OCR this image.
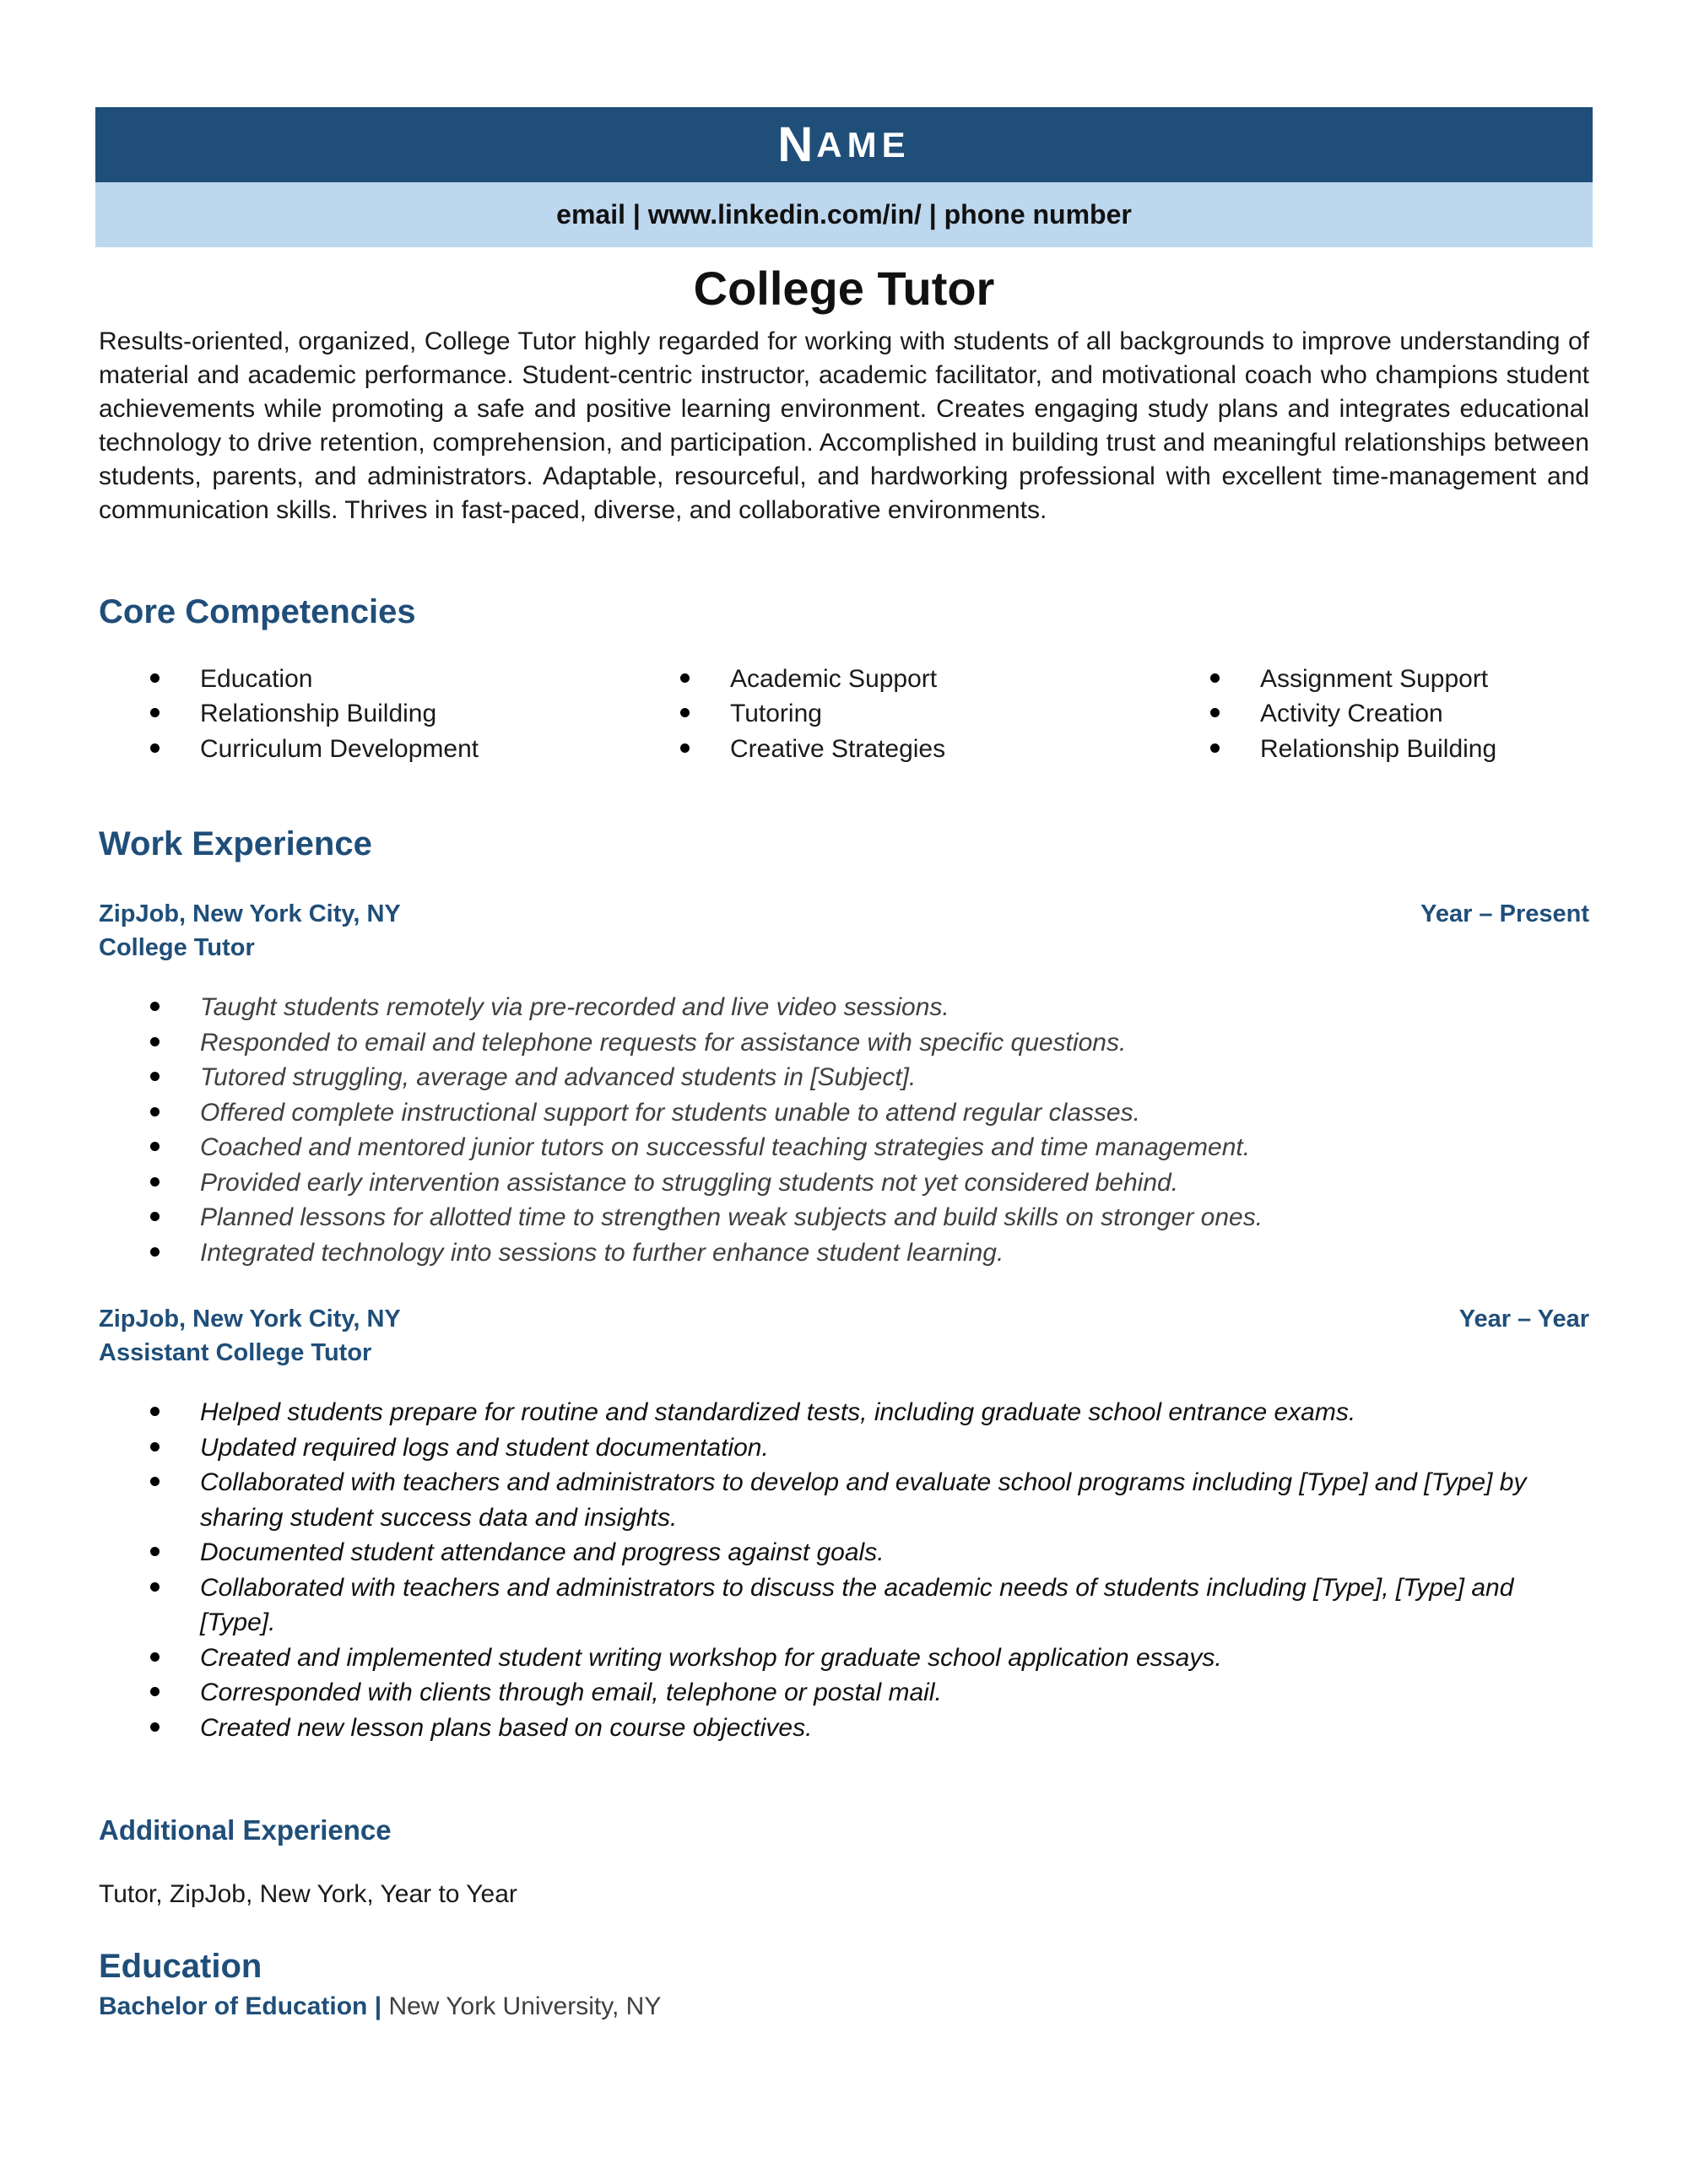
N AME
email | www.linkedin.com/in/ | phone number
College Tutor
Results-oriented, organized, College Tutor highly regarded for working with students of all backgrounds to improve understanding of material and academic performance. Student-centric instructor, academic facilitator, and motivational coach who champions student achievements while promoting a safe and positive learning environment. Creates engaging study plans and integrates educational technology to drive retention, comprehension, and participation. Accomplished in building trust and meaningful relationships between students, parents, and administrators. Adaptable, resourceful, and hardworking professional with excellent time-management and communication skills. Thrives in fast-paced, diverse, and collaborative environments.
Core Competencies
Education
Relationship Building
Curriculum Development
Academic Support
Tutoring
Creative Strategies
Assignment Support
Activity Creation
Relationship Building
Work Experience
ZipJob, New York City, NY	Year – Present
College Tutor
Taught students remotely via pre-recorded and live video sessions.
Responded to email and telephone requests for assistance with specific questions.
Tutored struggling, average and advanced students in [Subject].
Offered complete instructional support for students unable to attend regular classes.
Coached and mentored junior tutors on successful teaching strategies and time management.
Provided early intervention assistance to struggling students not yet considered behind.
Planned lessons for allotted time to strengthen weak subjects and build skills on stronger ones.
Integrated technology into sessions to further enhance student learning.
ZipJob, New York City, NY	Year – Year
Assistant College Tutor
Helped students prepare for routine and standardized tests, including graduate school entrance exams.
Updated required logs and student documentation.
Collaborated with teachers and administrators to develop and evaluate school programs including [Type] and [Type] by sharing student success data and insights.
Documented student attendance and progress against goals.
Collaborated with teachers and administrators to discuss the academic needs of students including [Type], [Type] and [Type].
Created and implemented student writing workshop for graduate school application essays.
Corresponded with clients through email, telephone or postal mail.
Created new lesson plans based on course objectives.
Additional Experience
Tutor, ZipJob, New York, Year to Year
Education
Bachelor of Education | New York University, NY
